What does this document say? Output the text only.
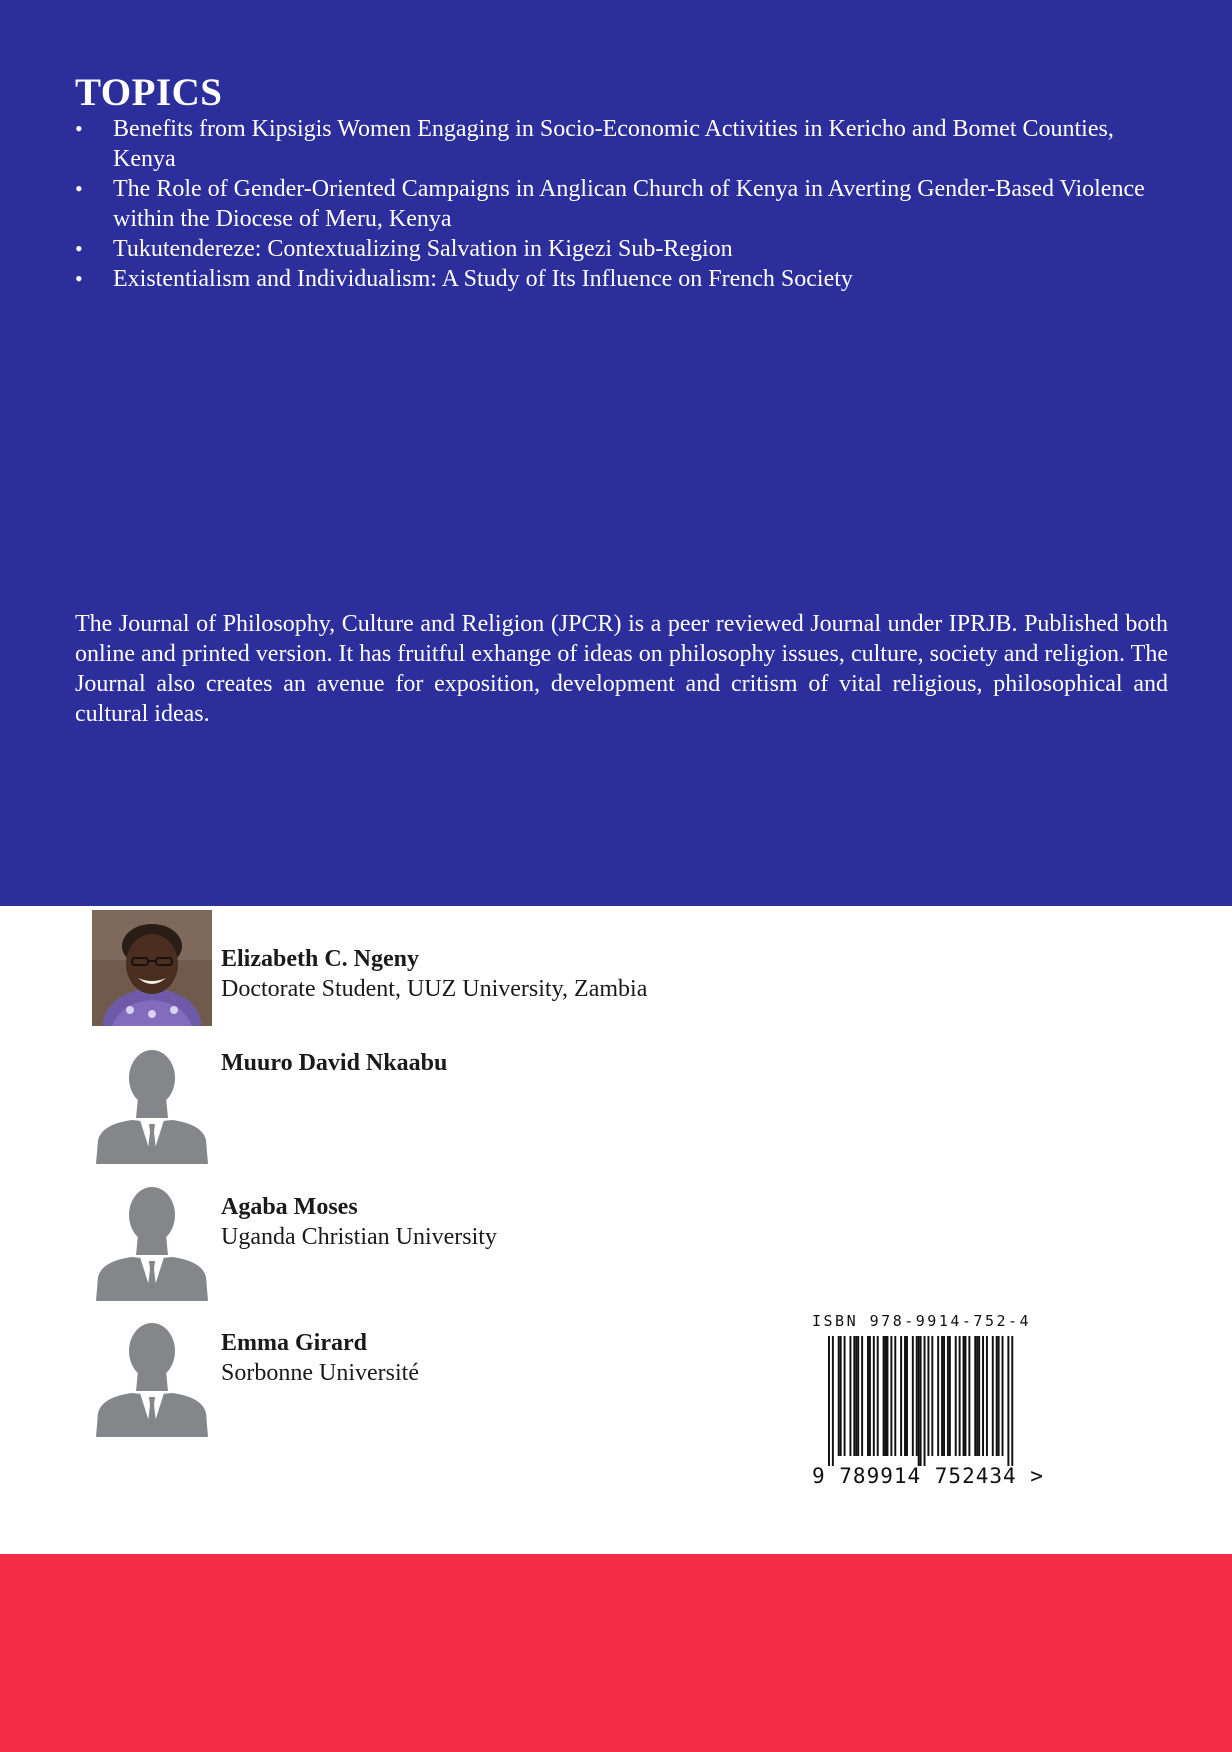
TOPICS
•	Benefits from Kipsigis Women Engaging in Socio-Economic Activities in Kericho and Bomet Counties, Kenya
•	The Role of Gender-Oriented Campaigns in Anglican Church of Kenya in Averting Gender-Based Violence within the Diocese of Meru, Kenya
•	Tukutendereze: Contextualizing Salvation in Kigezi Sub-Region
•	Existentialism and Individualism: A Study of Its Influence on French Society

The Journal of Philosophy, Culture and Religion (JPCR) is a peer reviewed Journal under IPRJB. Published both online and printed version. It has fruitful exhange of ideas on philosophy issues, culture, society and religion. The Journal also creates an avenue for exposition, development and critism of vital religious, philosophical and cultural ideas.

Elizabeth C. Ngeny
Doctorate Student, UUZ University, Zambia
Muuro David Nkaabu
Agaba Moses
Uganda Christian University
Emma Girard
Sorbonne Université
ISBN 978-9914-752-4
9 789914 752434 >
